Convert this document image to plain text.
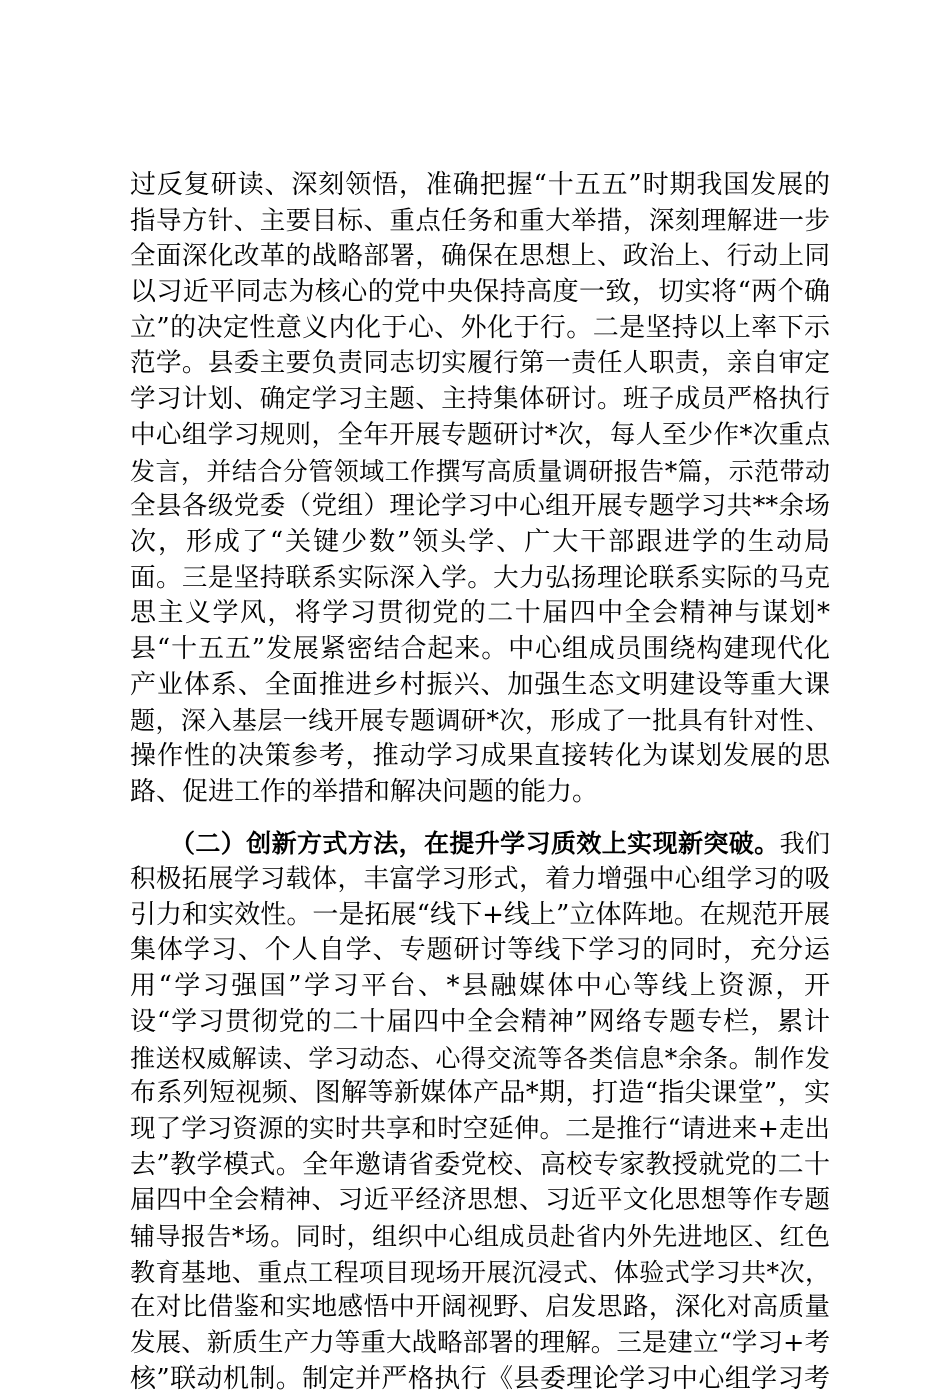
过反复研读、深刻领悟，准确把握“十五五”时期我国发展的
指导方针、主要目标、重点任务和重大举措，深刻理解进一步
全面深化改革的战略部署，确保在思想上、政治上、行动上同
以习近平同志为核心的党中央保持高度一致，切实将“两个确
立”的决定性意义内化于心、外化于行。二是坚持以上率下示
范学。县委主要负责同志切实履行第一责任人职责，亲自审定
学习计划、确定学习主题、主持集体研讨。班子成员严格执行
中心组学习规则，全年开展专题研讨*次，每人至少作*次重点
发言，并结合分管领域工作撰写高质量调研报告*篇，示范带动
全县各级党委（党组）理论学习中心组开展专题学习共**余场
次，形成了“关键少数”领头学、广大干部跟进学的生动局
面。三是坚持联系实际深入学。大力弘扬理论联系实际的马克
思主义学风，将学习贯彻党的二十届四中全会精神与谋划*
县“十五五”发展紧密结合起来。中心组成员围绕构建现代化
产业体系、全面推进乡村振兴、加强生态文明建设等重大课
题，深入基层一线开展专题调研*次，形成了一批具有针对性、
操作性的决策参考，推动学习成果直接转化为谋划发展的思
路、促进工作的举措和解决问题的能力。
（二）创新方式方法，在提升学习质效上实现新突破。我们
积极拓展学习载体，丰富学习形式，着力增强中心组学习的吸
引力和实效性。一是拓展“线下+线上”立体阵地。在规范开展
集体学习、个人自学、专题研讨等线下学习的同时，充分运
用“学习强国”学习平台、*县融媒体中心等线上资源，开
设“学习贯彻党的二十届四中全会精神”网络专题专栏，累计
推送权威解读、学习动态、心得交流等各类信息*余条。制作发
布系列短视频、图解等新媒体产品*期，打造“指尖课堂”，实
现了学习资源的实时共享和时空延伸。二是推行“请进来+走出
去”教学模式。全年邀请省委党校、高校专家教授就党的二十
届四中全会精神、习近平经济思想、习近平文化思想等作专题
辅导报告*场。同时，组织中心组成员赴省内外先进地区、红色
教育基地、重点工程项目现场开展沉浸式、体验式学习共*次，
在对比借鉴和实地感悟中开阔视野、启发思路，深化对高质量
发展、新质生产力等重大战略部署的理解。三是建立“学习+考
核”联动机制。制定并严格执行《县委理论学习中心组学习考
